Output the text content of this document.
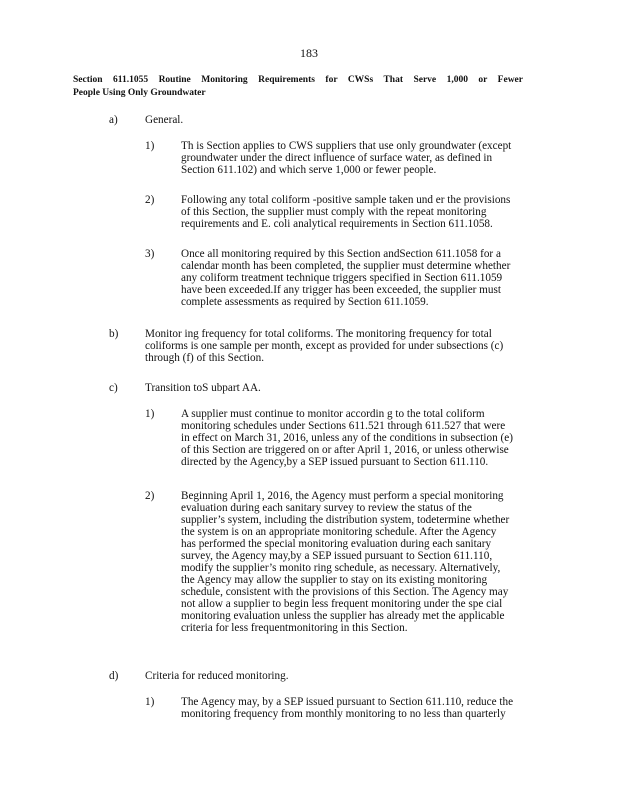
183
Section 611.1055 Routine Monitoring Requirements for CWSs That Serve 1,000 or Fewer
People Using Only Groundwater
a) General.
1) Th is Section applies to CWS suppliers that use only groundwater (except
groundwater under the direct influence of surface water, as defined in
Section 611.102) and which serve 1,000 or fewer people.
2) Following any total coliform -positive sample taken und er the provisions
of this Section, the supplier must comply with the repeat monitoring
requirements and E. coli analytical requirements in Section 611.1058.
3) Once all monitoring required by this Section andSection 611.1058 for a
calendar month has been completed, the supplier must determine whether
any coliform treatment technique triggers specified in Section 611.1059
have been exceeded.If any trigger has been exceeded, the supplier must
complete assessments as required by Section 611.1059.
b) Monitor ing frequency for total coliforms. The monitoring frequency for total
coliforms is one sample per month, except as provided for under subsections (c)
through (f) of this Section.
c) Transition toS ubpart AA.
1) A supplier must continue to monitor accordin g to the total coliform
monitoring schedules under Sections 611.521 through 611.527 that were
in effect on March 31, 2016, unless any of the conditions in subsection (e)
of this Section are triggered on or after April 1, 2016, or unless otherwise
directed by the Agency,by a SEP issued pursuant to Section 611.110.
2) Beginning April 1, 2016, the Agency must perform a special monitoring
evaluation during each sanitary survey to review the status of the
supplier’s system, including the distribution system, todetermine whether
the system is on an appropriate monitoring schedule. After the Agency
has performed the special monitoring evaluation during each sanitary
survey, the Agency may,by a SEP issued pursuant to Section 611.110,
modify the supplier’s monito ring schedule, as necessary. Alternatively,
the Agency may allow the supplier to stay on its existing monitoring
schedule, consistent with the provisions of this Section. The Agency may
not allow a supplier to begin less frequent monitoring under the spe cial
monitoring evaluation unless the supplier has already met the applicable
criteria for less frequentmonitoring in this Section.
d) Criteria for reduced monitoring.
1) The Agency may, by a SEP issued pursuant to Section 611.110, reduce the
monitoring frequency from monthly monitoring to no less than quarterly
